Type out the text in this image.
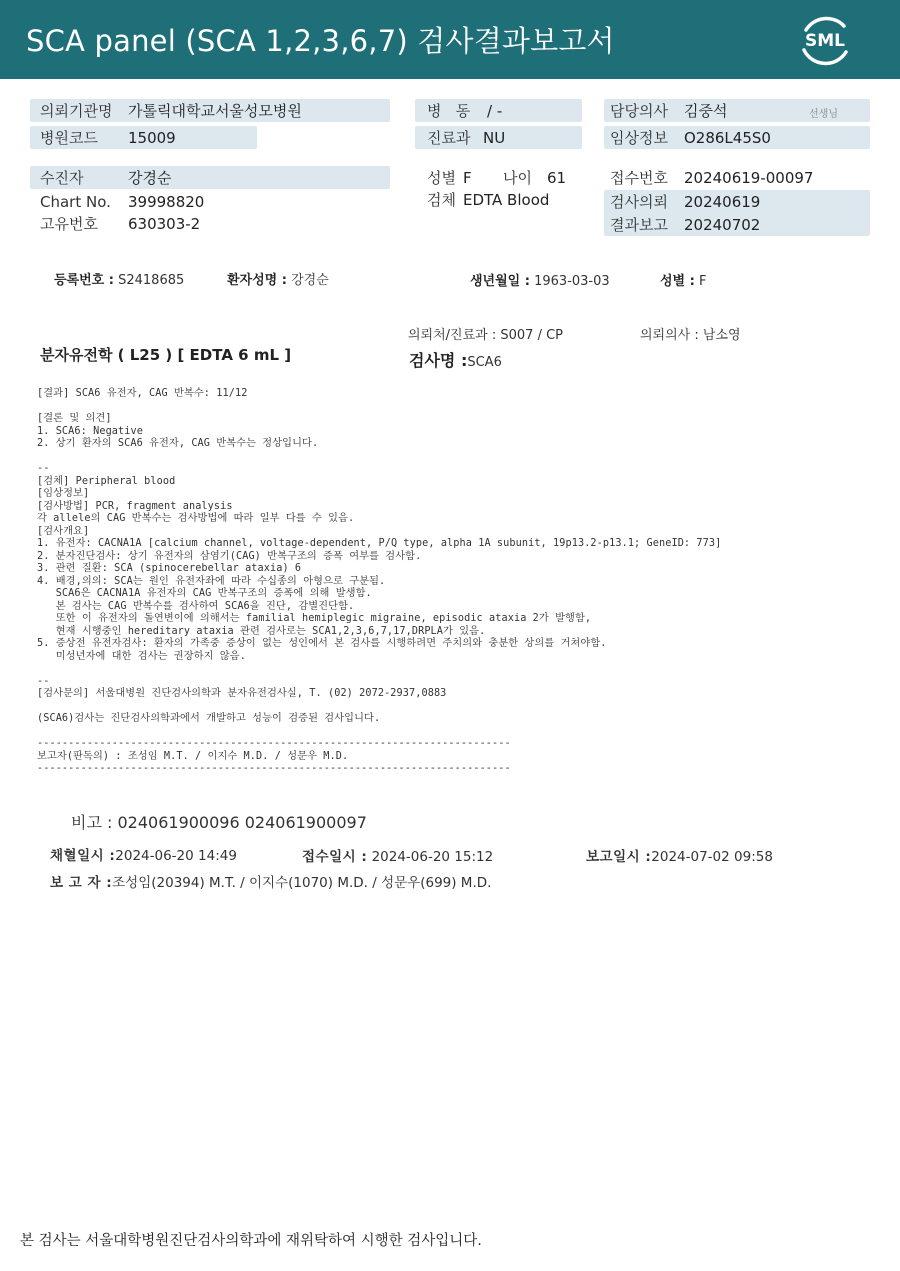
SCA panel (SCA 1,2,3,6,7) 검사결과보고서	SML
의뢰기관명	가톨릭대학교서울성모병원	병   동	/ -	담당의사	김중석	선생님
병원코드	15009	진료과 NU	임상정보	O286L45S0
수진자	강경순	성별 F	나이	61	접수번호	20240619-00097
Chart No.	39998820	검체 EDTA Blood	검사의뢰	20240619
결과보고	20240702
고유번호	630303-2
등록번호 : S2418685	환자성명 : 강경순	생년월일 : 1963-03-03	성별 : F
분자유전학 ( L25 ) [ EDTA 6 mL ]
의뢰처/진료과 : S007 / CP	의뢰의사 : 남소영
검사명 :SCA6
[결과] SCA6 유전자, CAG 반복수: 11/12

[결론 및 의견]
1. SCA6: Negative
2. 상기 환자의 SCA6 유전자, CAG 반복수는 정상입니다.

--
[검체] Peripheral blood
[임상정보]
[검사방법] PCR, fragment analysis
각 allele의 CAG 반복수는 검사방법에 따라 일부 다를 수 있음.
[검사개요]
1. 유전자: CACNA1A [calcium channel, voltage-dependent, P/Q type, alpha 1A subunit, 19p13.2-p13.1; GeneID: 773]
2. 분자진단검사: 상기 유전자의 삼염기(CAG) 반복구조의 증폭 여부를 검사함.
3. 관련 질환: SCA (spinocerebellar ataxia) 6
4. 배경,의의: SCA는 원인 유전자좌에 따라 수십종의 아형으로 구분됨.
SCA6은 CACNA1A 유전자의 CAG 반복구조의 증폭에 의해 발생함.
본 검사는 CAG 반복수를 검사하여 SCA6을 진단, 감별진단함.
또한 이 유전자의 돌연변이에 의해서는 familial hemiplegic migraine, episodic ataxia 2가 발행함,
현재 시행중인 hereditary ataxia 관련 검사로는 SCA1,2,3,6,7,17,DRPLA가 있음.
5. 증상전 유전자검사: 환자의 가족중 증상이 없는 성인에서 본 검사를 시행하려면 주치의와 충분한 상의를 거쳐야함.
미성년자에 대한 검사는 권장하지 않음.

--
[검사문의] 서울대병원 진단검사의학과 분자유전검사실, T. (02) 2072-2937,0883

(SCA6)검사는 진단검사의학과에서 개발하고 성능이 검증된 검사입니다.

----------------------------------------------------------------------------
보고자(판독의) : 조성임 M.T. / 이지수 M.D. / 성문우 M.D.
----------------------------------------------------------------------------
비고 : 024061900096 024061900097
채혈일시 :2024-06-20 14:49	접수일시 : 2024-06-20 15:12	보고일시 :2024-07-02 09:58
보 고 자 :조성임(20394) M.T. / 이지수(1070) M.D. / 성문우(699) M.D.
본 검사는 서울대학병원진단검사의학과에 재위탁하여 시행한 검사입니다.
